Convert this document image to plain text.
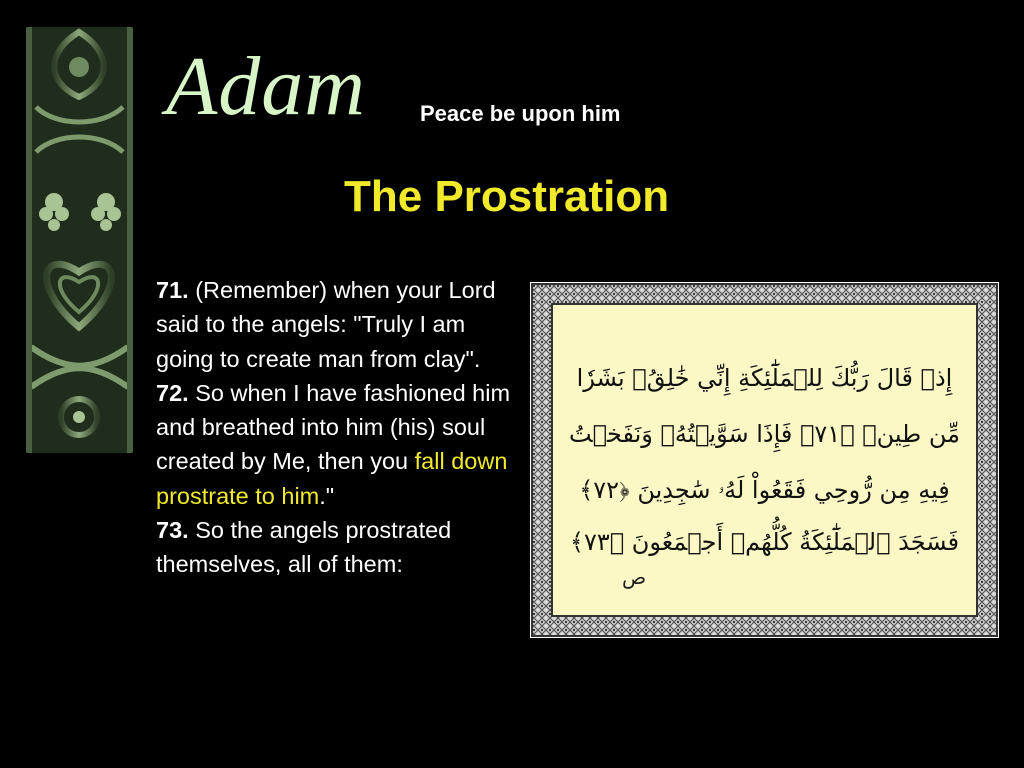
Adam Peace be upon him
The Prostration
71. (Remember) when your Lord said to the angels: "Truly I am going to create man from clay".
72. So when I have fashioned him and breathed into him (his) soul created by Me, then you fall down prostrate to him."
73. So the angels prostrated themselves, all of them:
إِذۡ قَالَ رَبُّكَ لِلۡمَلَٰٓئِكَةِ إِنِّي خَٰلِقُۢ بَشَرٗا
مِّن طِينٖ ﴿٧١﴾ فَإِذَا سَوَّيۡتُهُۥ وَنَفَخۡتُ
فِيهِ مِن رُّوحِي فَقَعُواْ لَهُۥ سَٰجِدِينَ ﴿٧٢﴾
فَسَجَدَ ٱلۡمَلَٰٓئِكَةُ كُلُّهُمۡ أَجۡمَعُونَ ﴿٧٣﴾
ص
